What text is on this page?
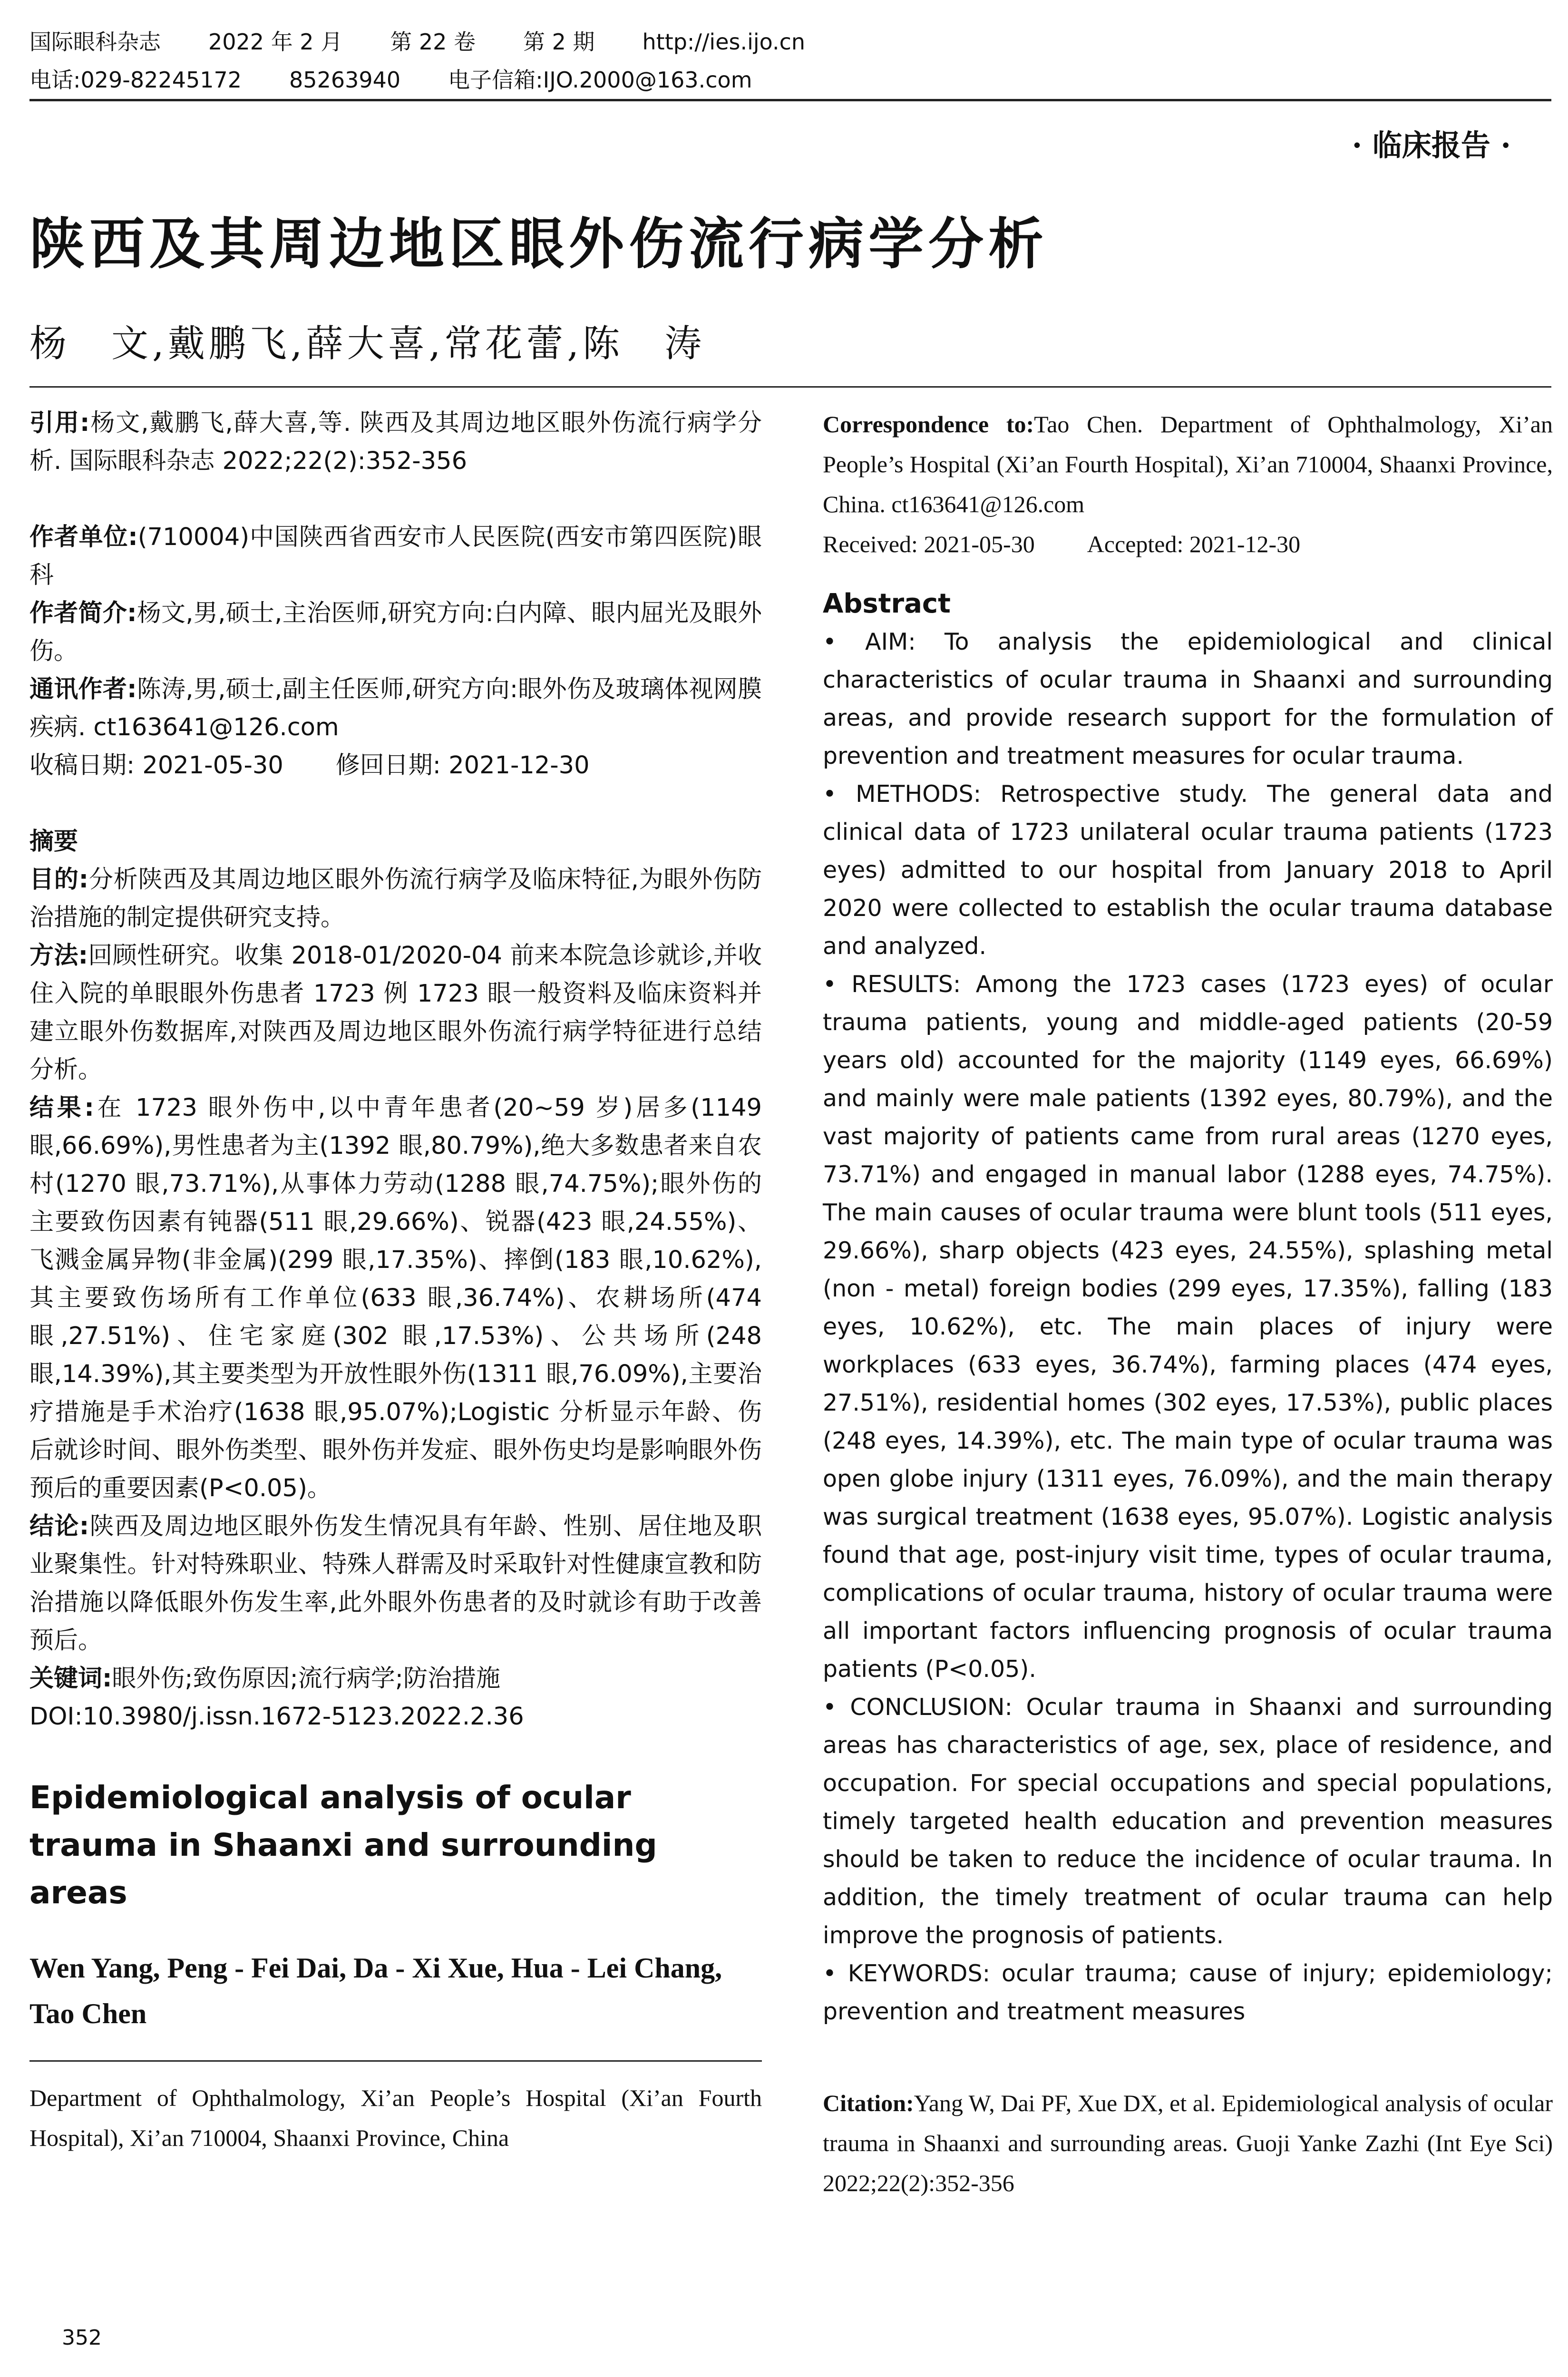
国际眼科杂志 2022 年 2 月 第 22 卷 第 2 期 http://ies.ijo.cn
电话:029-82245172 85263940 电子信箱:IJO.2000@163.com
· 临床报告 ·
陕西及其周边地区眼外伤流行病学分析
杨　文,戴鹏飞,薛大喜,常花蕾,陈　涛

引用:杨文,戴鹏飞,薛大喜,等. 陕西及其周边地区眼外伤流行病学分析. 国际眼科杂志 2022;22(2):352-356

作者单位:(710004)中国陕西省西安市人民医院(西安市第四医院)眼科

作者简介:杨文,男,硕士,主治医师,研究方向:白内障、眼内屈光及眼外伤。

通讯作者:陈涛,男,硕士,副主任医师,研究方向:眼外伤及玻璃体视网膜疾病. ct163641@126.com

收稿日期: 2021-05-30 修回日期: 2021-12-30

摘要

目的:分析陕西及其周边地区眼外伤流行病学及临床特征,为眼外伤防治措施的制定提供研究支持。

方法:回顾性研究。收集 2018-01/2020-04 前来本院急诊就诊,并收住入院的单眼眼外伤患者 1723 例 1723 眼一般资料及临床资料并建立眼外伤数据库,对陕西及周边地区眼外伤流行病学特征进行总结分析。

结果:在 1723 眼外伤中,以中青年患者(20~59 岁)居多(1149 眼,66.69%),男性患者为主(1392 眼,80.79%),绝大多数患者来自农村(1270 眼,73.71%),从事体力劳动(1288 眼,74.75%);眼外伤的主要致伤因素有钝器(511 眼,29.66%)、锐器(423 眼,24.55%)、飞溅金属异物(非金属)(299 眼,17.35%)、摔倒(183 眼,10.62%),其主要致伤场所有工作单位(633 眼,36.74%)、农耕场所(474 眼,27.51%)、住宅家庭(302 眼,17.53%)、公共场所(248 眼,14.39%),其主要类型为开放性眼外伤(1311 眼,76.09%),主要治疗措施是手术治疗(1638 眼,95.07%);Logistic 分析显示年龄、伤后就诊时间、眼外伤类型、眼外伤并发症、眼外伤史均是影响眼外伤预后的重要因素(P<0.05)。

结论:陕西及周边地区眼外伤发生情况具有年龄、性别、居住地及职业聚集性。针对特殊职业、特殊人群需及时采取针对性健康宣教和防治措施以降低眼外伤发生率,此外眼外伤患者的及时就诊有助于改善预后。

关键词:眼外伤;致伤原因;流行病学;防治措施

DOI:10.3980/j.issn.1672-5123.2022.2.36

Epidemiological analysis of ocular trauma in Shaanxi and surrounding areas

Wen Yang, Peng - Fei Dai, Da - Xi Xue, Hua - Lei Chang, Tao Chen

Department of Ophthalmology, Xi’an People’s Hospital (Xi’an Fourth Hospital), Xi’an 710004, Shaanxi Province, China

Correspondence to:Tao Chen. Department of Ophthalmology, Xi’an People’s Hospital (Xi’an Fourth Hospital), Xi’an 710004, Shaanxi Province, China. ct163641@126.com

Received: 2021-05-30 Accepted: 2021-12-30

Abstract

• AIM: To analysis the epidemiological and clinical characteristics of ocular trauma in Shaanxi and surrounding areas, and provide research support for the formulation of prevention and treatment measures for ocular trauma.

• METHODS: Retrospective study. The general data and clinical data of 1723 unilateral ocular trauma patients (1723 eyes) admitted to our hospital from January 2018 to April 2020 were collected to establish the ocular trauma database and analyzed.

• RESULTS: Among the 1723 cases (1723 eyes) of ocular trauma patients, young and middle-aged patients (20-59 years old) accounted for the majority (1149 eyes, 66.69%) and mainly were male patients (1392 eyes, 80.79%), and the vast majority of patients came from rural areas (1270 eyes, 73.71%) and engaged in manual labor (1288 eyes, 74.75%). The main causes of ocular trauma were blunt tools (511 eyes, 29.66%), sharp objects (423 eyes, 24.55%), splashing metal (non - metal) foreign bodies (299 eyes, 17.35%), falling (183 eyes, 10.62%), etc. The main places of injury were workplaces (633 eyes, 36.74%), farming places (474 eyes, 27.51%), residential homes (302 eyes, 17.53%), public places (248 eyes, 14.39%), etc. The main type of ocular trauma was open globe injury (1311 eyes, 76.09%), and the main therapy was surgical treatment (1638 eyes, 95.07%). Logistic analysis found that age, post-injury visit time, types of ocular trauma, complications of ocular trauma, history of ocular trauma were all important factors influencing prognosis of ocular trauma patients (P<0.05).

• CONCLUSION: Ocular trauma in Shaanxi and surrounding areas has characteristics of age, sex, place of residence, and occupation. For special occupations and special populations, timely targeted health education and prevention measures should be taken to reduce the incidence of ocular trauma. In addition, the timely treatment of ocular trauma can help improve the prognosis of patients.

• KEYWORDS: ocular trauma; cause of injury; epidemiology; prevention and treatment measures

Citation:Yang W, Dai PF, Xue DX, et al. Epidemiological analysis of ocular trauma in Shaanxi and surrounding areas. Guoji Yanke Zazhi (Int Eye Sci) 2022;22(2):352-356

352
